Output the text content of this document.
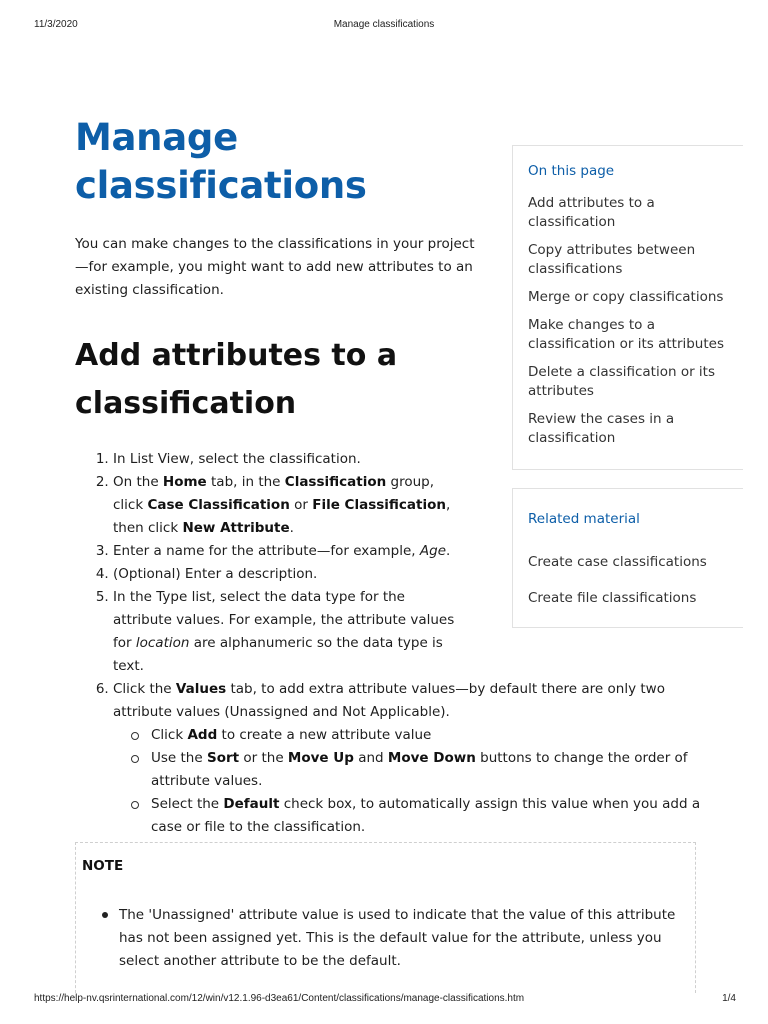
11/3/2020	Manage classifications
Manage
classifications

You can make changes to the classifications in your project—for example, you might want to add new attributes to an existing classification.

Add attributes to a
classification
1. In List View, select the classification.
2. On the Home tab, in the Classification group, click Case Classification or File Classification, then click New Attribute.
3. Enter a name for the attribute—for example, Age.
4. (Optional) Enter a description.
5. In the Type list, select the data type for the attribute values. For example, the attribute values for location are alphanumeric so the data type is text.
6. Click the Values tab, to add extra attribute values—by default there are only two attribute values (Unassigned and Not Applicable).
Click Add to create a new attribute value
Use the Sort or the Move Up and Move Down buttons to change the order of attribute values.
Select the Default check box, to automatically assign this value when you add a case or file to the classification.
On this page
Add attributes to a classification
Copy attributes between classifications
Merge or copy classifications
Make changes to a classification or its attributes
Delete a classification or its attributes
Review the cases in a classification
Related material
Create case classifications
Create file classifications
NOTE
The 'Unassigned' attribute value is used to indicate that the value of this attribute has not been assigned yet. This is the default value for the attribute, unless you select another attribute to be the default.
https://help-nv.qsrinternational.com/12/win/v12.1.96-d3ea61/Content/classifications/manage-classifications.htm	1/4
